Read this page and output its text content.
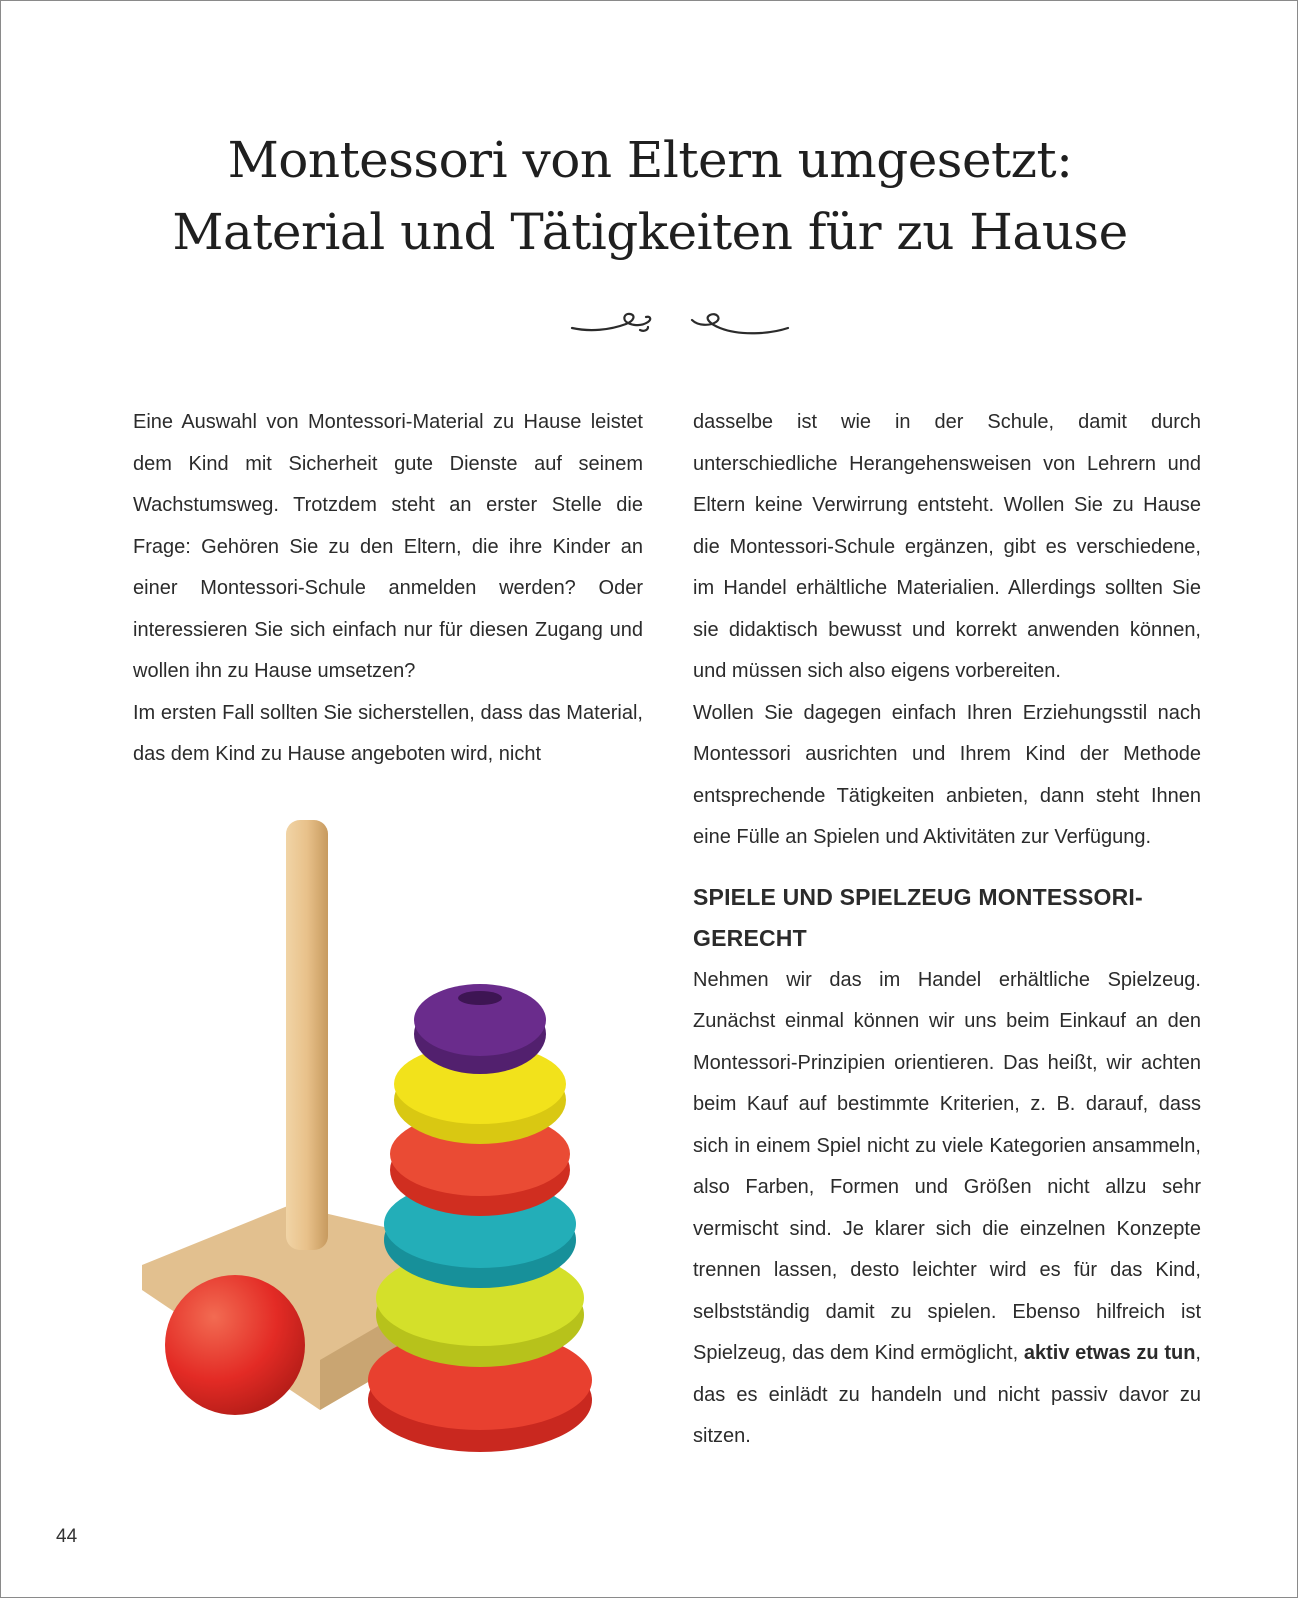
Montessori von Eltern umgesetzt:
Material und Tätigkeiten für zu Hause

Eine Auswahl von Montessori-Material zu Hause leistet dem Kind mit Sicherheit gute Dienste auf seinem Wachstumsweg. Trotzdem steht an erster Stelle die Frage: Gehören Sie zu den Eltern, die ihre Kinder an einer Montessori-Schule anmelden werden? Oder interessieren Sie sich einfach nur für diesen Zugang und wollen ihn zu Hause umsetzen?

Im ersten Fall sollten Sie sicherstellen, dass das Material, das dem Kind zu Hause angeboten wird, nicht

dasselbe ist wie in der Schule, damit durch unterschiedliche Herangehensweisen von Lehrern und Eltern keine Verwirrung entsteht. Wollen Sie zu Hause die Montessori-Schule ergänzen, gibt es verschiedene, im Handel erhältliche Materialien. Allerdings sollten Sie sie didaktisch bewusst und korrekt anwenden können, und müssen sich also eigens vorbereiten.

Wollen Sie dagegen einfach Ihren Erziehungsstil nach Montessori ausrichten und Ihrem Kind der Methode entsprechende Tätigkeiten anbieten, dann steht Ihnen eine Fülle an Spielen und Aktivitäten zur Verfügung.

SPIELE UND SPIELZEUG MONTESSORI-
GERECHT

Nehmen wir das im Handel erhältliche Spielzeug. Zunächst einmal können wir uns beim Einkauf an den Montessori-Prinzipien orientieren. Das heißt, wir achten beim Kauf auf bestimmte Kriterien, z. B. darauf, dass sich in einem Spiel nicht zu viele Kategorien ansammeln, also Farben, Formen und Größen nicht allzu sehr vermischt sind. Je klarer sich die einzelnen Konzepte trennen lassen, desto leichter wird es für das Kind, selbstständig damit zu spielen. Ebenso hilfreich ist Spielzeug, das dem Kind ermöglicht, aktiv etwas zu tun, das es einlädt zu handeln und nicht passiv davor zu sitzen.

44
